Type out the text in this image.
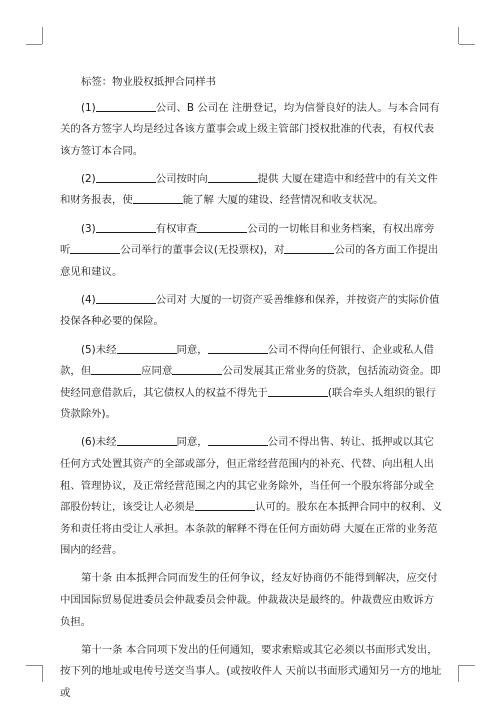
标签：物业股权抵押合同样书

(1)	公司、B 公司在 注册登记，均为信誉良好的法人。与本合同有关的各方签字人均是经过各该方董事会或上级主管部门授权批准的代表，有权代表该方签订本合同。

(2)	公司按时向	提供 大厦在建造中和经营中的有关文件和财务报表，使	能了解 大厦的建设、经营情况和收支状况。

(3)	有权审查	公司的一切帐目和业务档案，有权出席旁听	公司举行的董事会议(无投票权)，对	公司的各方面工作提出意见和建议。

(4)	公司对 大厦的一切资产妥善维修和保养，并按资产的实际价值投保各种必要的保险。

(5)未经	同意，	公司不得向任何银行、企业或私人借款，但	应同意	公司发展其正常业务的贷款，包括流动资金。即使经同意借款后，其它债权人的权益不得先于	(联合牵头人组织的银行贷款除外)。

(6)未经	同意，	公司不得出售、转让、抵押或以其它任何方式处置其资产的全部或部分，但正常经营范围内的补充、代替、向出租人出租、管理协议，及正常经营范围之内的其它业务除外，当任何一个股东将部分或全部股份转让，该受让人必须是	认可的。股东在本抵押合同中的权利、义务和责任将由受让人承担。本条款的解释不得在任何方面妨碍 大厦在正常的业务范围内的经营。

第十条 由本抵押合同而发生的任何争议，经友好协商仍不能得到解决，应交付中国国际贸易促进委员会仲裁委员会仲裁。仲裁裁决是最终的。仲裁费应由败诉方负担。

第十一条 本合同项下发出的任何通知，要求索赔或其它必须以书面形式发出，按下列的地址或电传号送交当事人。(或按收件人 天前以书面形式通知另一方的地址或
